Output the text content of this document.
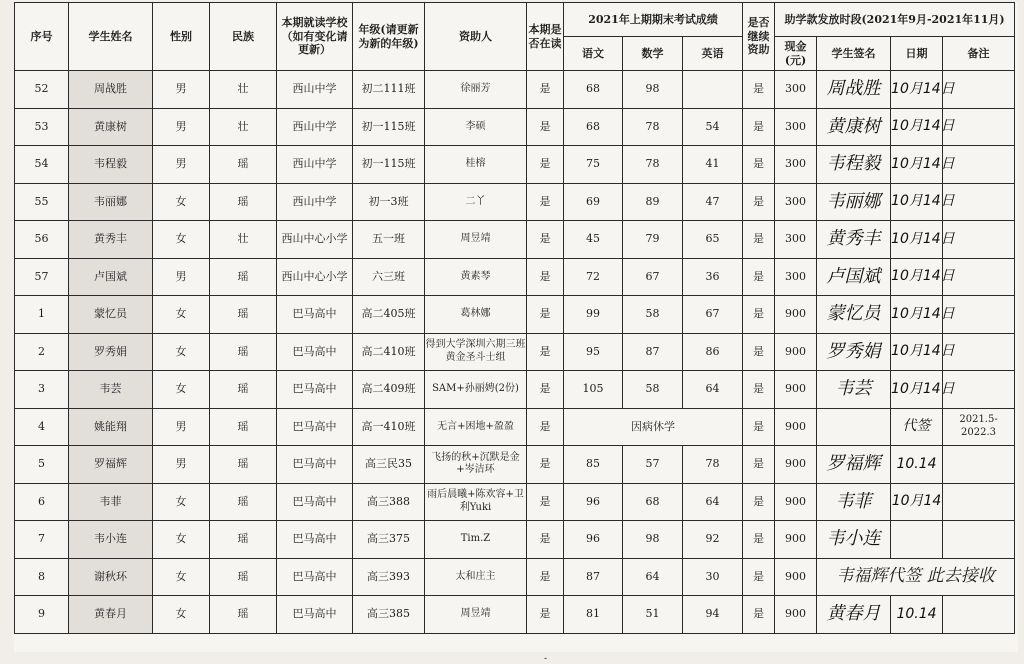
序号	学生姓名	性别	民族	本期就读学校（如有变化请更新）	年级(请更新为新的年级)	资助人	本期是否在读	2021年上期期末考试成绩			是否继续资助	助学款发放时段(2021年9月-2021年11月)			
								语文	数学	英语		现金(元)	学生签名	日期	备注
52	周战胜	男	壮	西山中学	初二111班	徐丽芳	是	68	98		是	300	周战胜	10月14日	
53	黄康树	男	壮	西山中学	初一115班	李硕	是	68	78	54	是	300	黄康树	10月14日	
54	韦程毅	男	瑶	西山中学	初一115班	桂榕	是	75	78	41	是	300	韦程毅	10月14日	
55	韦丽娜	女	瑶	西山中学	初一3班	二丫	是	69	89	47	是	300	韦丽娜	10月14日	
56	黄秀丰	女	壮	西山中心小学	五一班	周昱靖	是	45	79	65	是	300	黄秀丰	10月14日	
57	卢国斌	男	瑶	西山中心小学	六三班	黄素琴	是	72	67	36	是	300	卢国斌	10月14日	
1	蒙忆员	女	瑶	巴马高中	高二405班	葛林娜	是	99	58	67	是	900	蒙忆员	10月14日	
2	罗秀娟	女	瑶	巴马高中	高二410班	得到大学深圳六期三班黄金圣斗士组	是	95	87	86	是	900	罗秀娟	10月14日	
3	韦芸	女	瑶	巴马高中	高二409班	SAM+孙丽娉(2份)	是	105	58	64	是	900	韦芸	10月14日	
4	姚能翔	男	瑶	巴马高中	高一410班	无言+困地+盈盈	是	因病休学			是	900		代签	2021.5-2022.3
5	罗福辉	男	瑶	巴马高中	高三民35	飞扬的秋+沉默是金+岑洁环	是	85	57	78	是	900	罗福辉	10.14	
6	韦菲	女	瑶	巴马高中	高三388	雨后晨曦+陈欢容+卫利Yuki	是	96	68	64	是	900	韦菲	10月14	
7	韦小连	女	瑶	巴马高中	高三375	Tim.Z	是	96	98	92	是	900	韦小连		
8	谢秋环	女	瑶	巴马高中	高三393	太和庄主	是	87	64	30	是	900	韦福辉代签 此去接收		
9	黄春月	女	瑶	巴马高中	高三385	周昱靖	是	81	51	94	是	900	黄春月	10.14	
-
